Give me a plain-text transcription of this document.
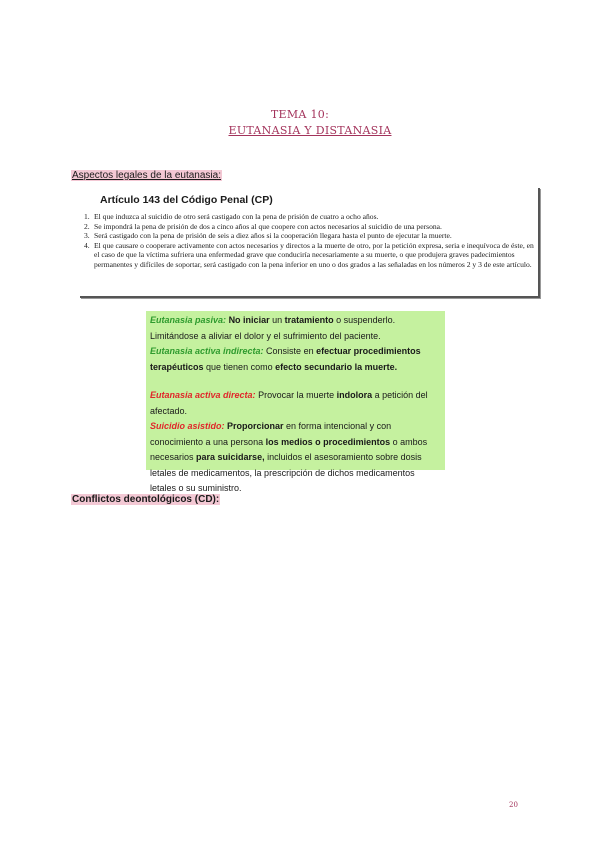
TEMA 10:
EUTANASIA Y DISTANASIA
Aspectos legales de la eutanasia:
Artículo 143 del Código Penal (CP)
1. El que induzca al suicidio de otro será castigado con la pena de prisión de cuatro a ocho años.
2. Se impondrá la pena de prisión de dos a cinco años al que coopere con actos necesarios al suicidio de una persona.
3. Será castigado con la pena de prisión de seis a diez años si la cooperación llegara hasta el punto de ejecutar la muerte.
4. El que causare o cooperare activamente con actos necesarios y directos a la muerte de otro, por la petición expresa, seria e inequívoca de éste, en el caso de que la víctima sufriera una enfermedad grave que conduciría necesariamente a su muerte, o que produjera graves padecimientos permanentes y difíciles de soportar, será castigado con la pena inferior en uno o dos grados a las señaladas en los números 2 y 3 de este artículo.

Eutanasia pasiva: No iniciar un tratamiento o suspenderlo. Limitándose a aliviar el dolor y el sufrimiento del paciente.

Eutanasia activa indirecta: Consiste en efectuar procedimientos terapéuticos que tienen como efecto secundario la muerte.

Eutanasia activa directa: Provocar la muerte indolora a petición del afectado.

Suicidio asistido: Proporcionar en forma intencional y con conocimiento a una persona los medios o procedimientos o ambos necesarios para suicidarse, incluidos el asesoramiento sobre dosis letales de medicamentos, la prescripción de dichos medicamentos letales o su suministro.

Conflictos deontológicos (CD):
20
